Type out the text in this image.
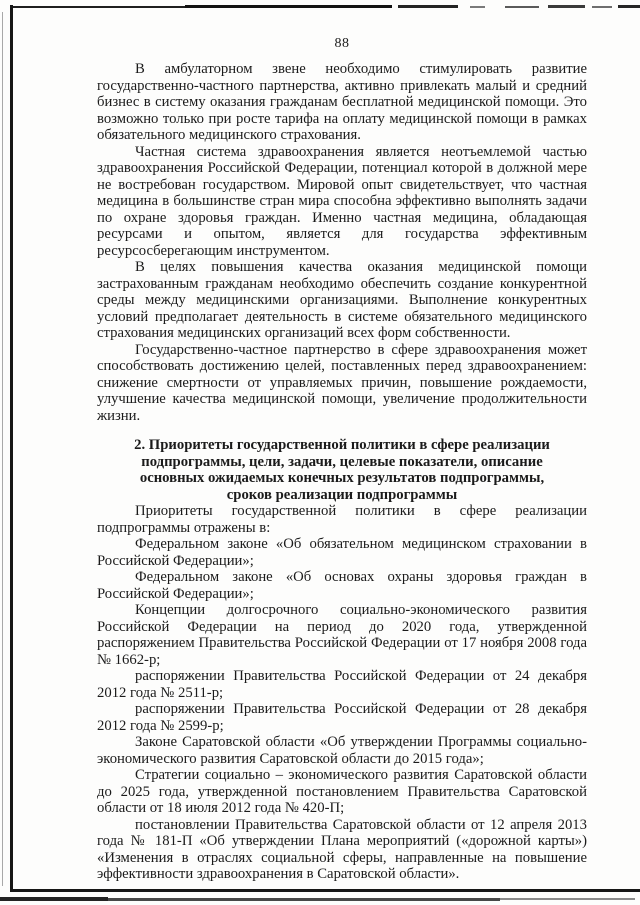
88

В амбулаторном звене необходимо стимулировать развитие государственно-частного партнерства, активно привлекать малый и средний бизнес в систему оказания гражданам бесплатной медицинской помощи. Это возможно только при росте тарифа на оплату медицинской помощи в рамках обязательного медицинского страхования.

Частная система здравоохранения является неотъемлемой частью здравоохранения Российской Федерации, потенциал которой в должной мере не востребован государством. Мировой опыт свидетельствует, что частная медицина в большинстве стран мира способна эффективно выполнять задачи по охране здоровья граждан. Именно частная медицина, обладающая ресурсами и опытом, является для государства эффективным ресурсосберегающим инструментом.

В целях повышения качества оказания медицинской помощи застрахованным гражданам необходимо обеспечить создание конкурентной среды между медицинскими организациями. Выполнение конкурентных условий предполагает деятельность в системе обязательного медицинского страхования медицинских организаций всех форм собственности.

Государственно-частное партнерство в сфере здравоохранения может способствовать достижению целей, поставленных перед здравоохранением: снижение смертности от управляемых причин, повышение рождаемости, улучшение качества медицинской помощи, увеличение продолжительности жизни.

2. Приоритеты государственной политики в сфере реализации
подпрограммы, цели, задачи, целевые показатели, описание
основных ожидаемых конечных результатов подпрограммы,
сроков реализации подпрограммы

Приоритеты государственной политики в сфере реализации подпрограммы отражены в:

Федеральном законе «Об обязательном медицинском страховании в Российской Федерации»;

Федеральном законе «Об основах охраны здоровья граждан в Российской Федерации»;

Концепции долгосрочного социально-экономического развития Российской Федерации на период до 2020 года, утвержденной распоряжением Правительства Российской Федерации от 17 ноября 2008 года № 1662-р;

распоряжении Правительства Российской Федерации от 24 декабря 2012 года № 2511-р;

распоряжении Правительства Российской Федерации от 28 декабря 2012 года № 2599-р;

Законе Саратовской области «Об утверждении Программы социально-экономического развития Саратовской области до 2015 года»;

Стратегии социально – экономического развития Саратовской области до 2025 года, утвержденной постановлением Правительства Саратовской области от 18 июля 2012 года № 420-П;

постановлении Правительства Саратовской области от 12 апреля 2013 года № 181-П «Об утверждении Плана мероприятий («дорожной карты») «Изменения в отраслях социальной сферы, направленные на повышение эффективности здравоохранения в Саратовской области».
